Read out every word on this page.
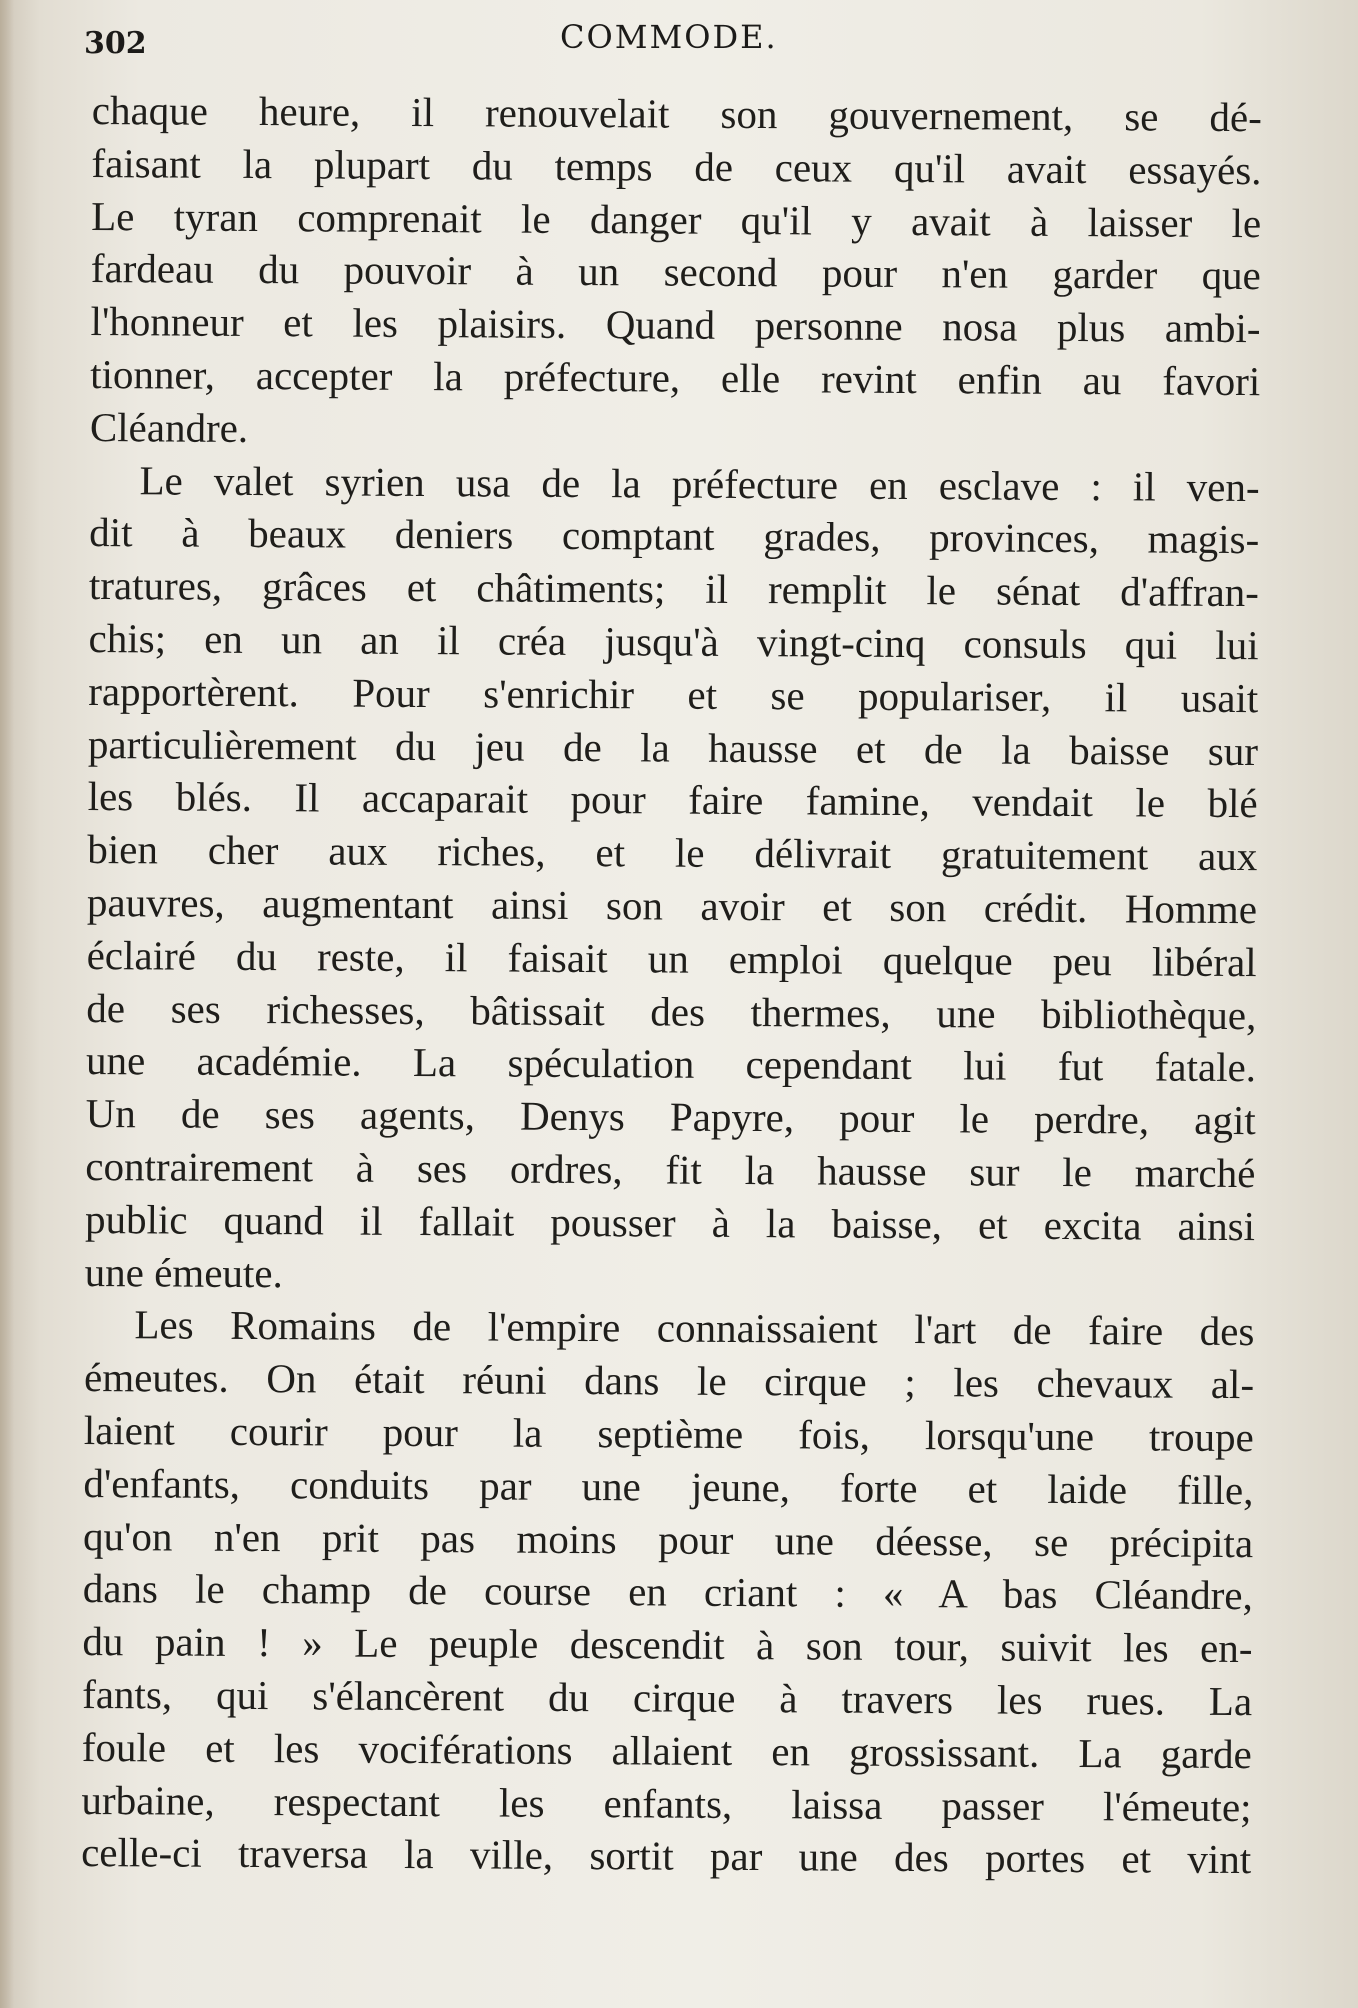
302	COMMODE.
chaque heure, il renouvelait son gouvernement, se dé-
faisant la plupart du temps de ceux qu'il avait essayés.
Le tyran comprenait le danger qu'il y avait à laisser le
fardeau du pouvoir à un second pour n'en garder que
l'honneur et les plaisirs. Quand personne nosa plus ambi-
tionner, accepter la préfecture, elle revint enfin au favori
Cléandre.
Le valet syrien usa de la préfecture en esclave : il ven-
dit à beaux deniers comptant grades, provinces, magis-
tratures, grâces et châtiments; il remplit le sénat d'affran-
chis; en un an il créa jusqu'à vingt-cinq consuls qui lui
rapportèrent. Pour s'enrichir et se populariser, il usait
particulièrement du jeu de la hausse et de la baisse sur
les blés. Il accaparait pour faire famine, vendait le blé
bien cher aux riches, et le délivrait gratuitement aux
pauvres, augmentant ainsi son avoir et son crédit. Homme
éclairé du reste, il faisait un emploi quelque peu libéral
de ses richesses, bâtissait des thermes, une bibliothèque,
une académie. La spéculation cependant lui fut fatale.
Un de ses agents, Denys Papyre, pour le perdre, agit
contrairement à ses ordres, fit la hausse sur le marché
public quand il fallait pousser à la baisse, et excita ainsi
une émeute.
Les Romains de l'empire connaissaient l'art de faire des
émeutes. On était réuni dans le cirque ; les chevaux al-
laient courir pour la septième fois, lorsqu'une troupe
d'enfants, conduits par une jeune, forte et laide fille,
qu'on n'en prit pas moins pour une déesse, se précipita
dans le champ de course en criant : « A bas Cléandre,
du pain ! » Le peuple descendit à son tour, suivit les en-
fants, qui s'élancèrent du cirque à travers les rues. La
foule et les vociférations allaient en grossissant. La garde
urbaine, respectant les enfants, laissa passer l'émeute;
celle-ci traversa la ville, sortit par une des portes et vint
